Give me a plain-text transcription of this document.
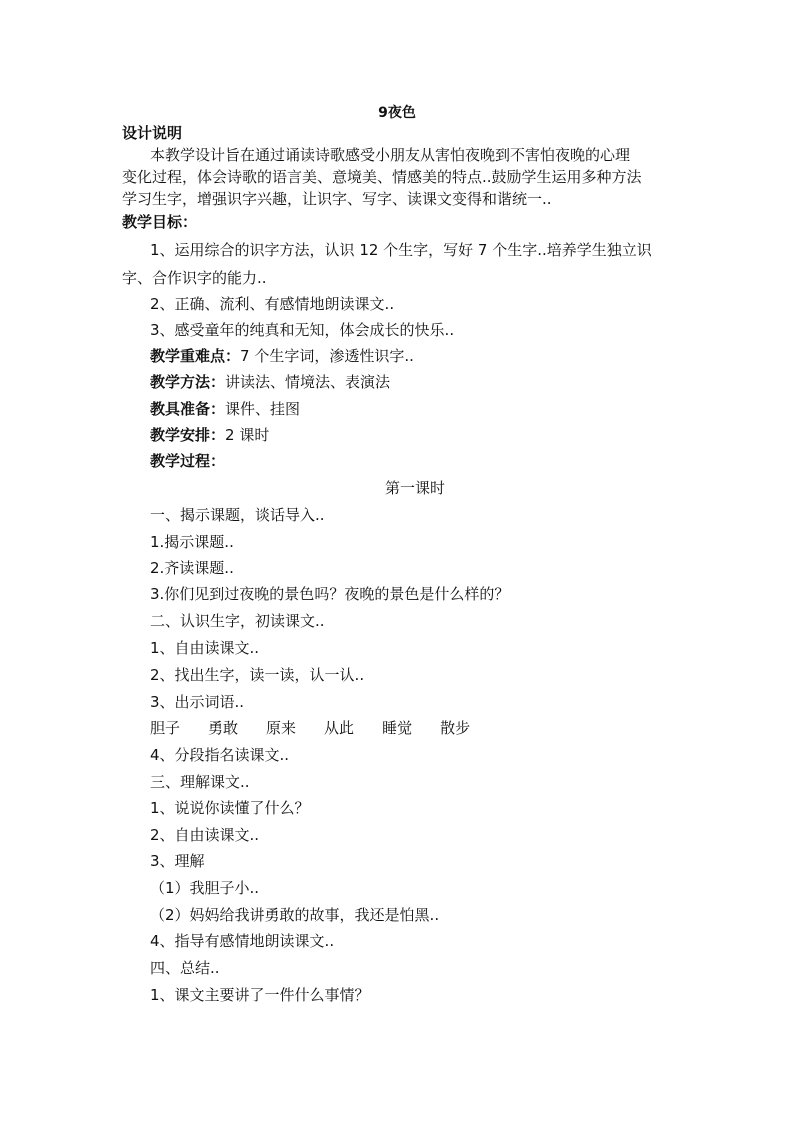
9夜色
设计说明
本教学设计旨在通过诵读诗歌感受小朋友从害怕夜晚到不害怕夜晚的心理
变化过程，体会诗歌的语言美、意境美、情感美的特点..鼓励学生运用多种方法
学习生字，增强识字兴趣，让识字、写字、读课文变得和谐统一..
教学目标：
1、运用综合的识字方法，认识 12 个生字，写好 7 个生字..培养学生独立识
字、合作识字的能力..
2、正确、流利、有感情地朗读课文..
3、感受童年的纯真和无知，体会成长的快乐..
教学重难点：7 个生字词，渗透性识字..
教学方法：讲读法、情境法、表演法
教具准备：课件、挂图
教学安排：2 课时
教学过程：
第一课时
一、揭示课题，谈话导入..
1.揭示课题..
2.齐读课题..
3.你们见到过夜晚的景色吗？夜晚的景色是什么样的？
二、认识生字，初读课文..
1、自由读课文..
2、找出生字，读一读，认一认..
3、出示词语..
胆子 勇敢 原来 从此 睡觉 散步
4、分段指名读课文..
三、理解课文..
1、说说你读懂了什么？
2、自由读课文..
3、理解
（1）我胆子小..
（2）妈妈给我讲勇敢的故事，我还是怕黑..
4、指导有感情地朗读课文..
四、总结..
1、课文主要讲了一件什么事情？
